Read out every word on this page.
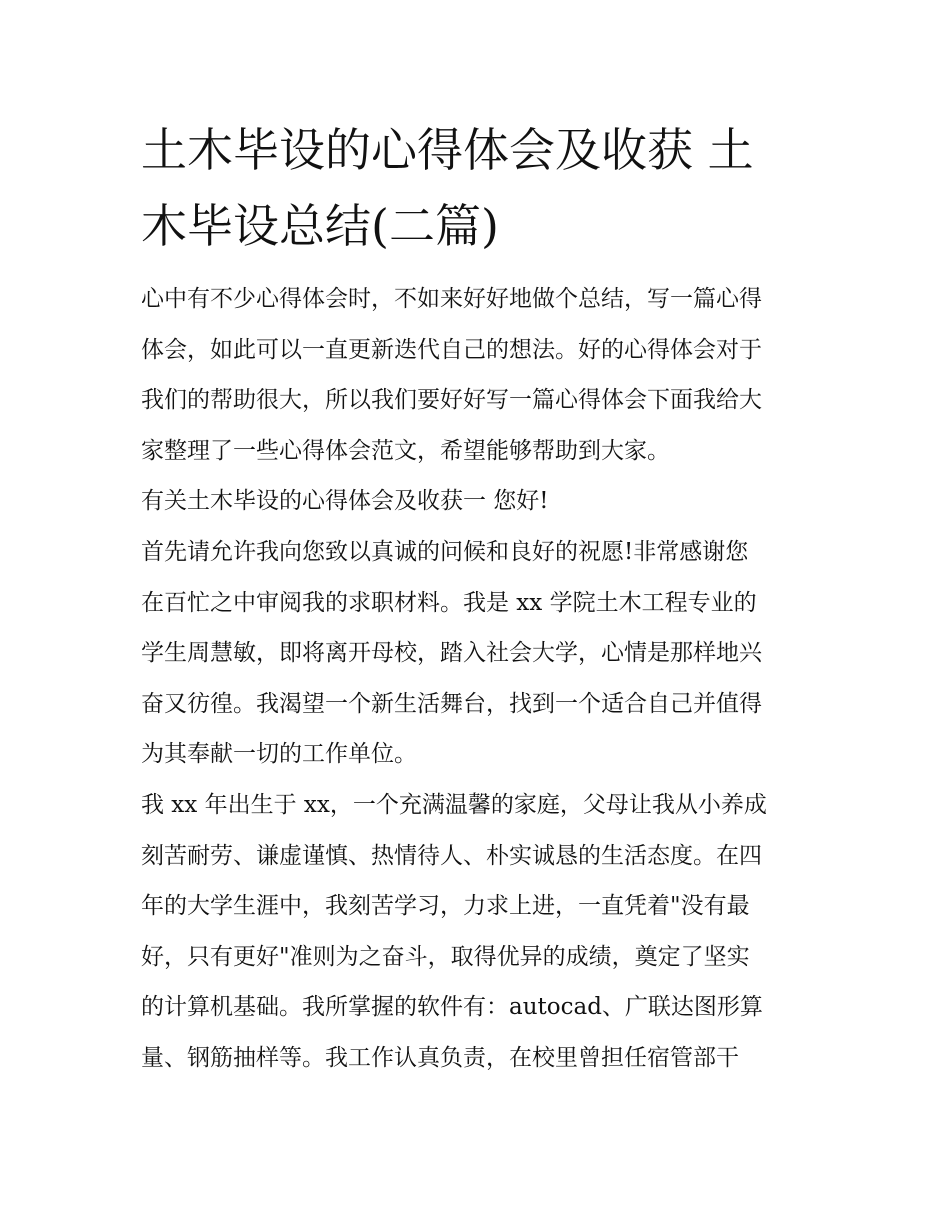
土木毕设的心得体会及收获 土
木毕设总结(二篇)
心中有不少心得体会时，不如来好好地做个总结，写一篇心得
体会，如此可以一直更新迭代自己的想法。好的心得体会对于
我们的帮助很大，所以我们要好好写一篇心得体会下面我给大
家整理了一些心得体会范文，希望能够帮助到大家。
有关土木毕设的心得体会及收获一 您好!
首先请允许我向您致以真诚的问候和良好的祝愿!非常感谢您
在百忙之中审阅我的求职材料。我是 xx 学院土木工程专业的
学生周慧敏，即将离开母校，踏入社会大学，心情是那样地兴
奋又彷徨。我渴望一个新生活舞台，找到一个适合自己并值得
为其奉献一切的工作单位。
我 xx 年出生于 xx，一个充满温馨的家庭，父母让我从小养成
刻苦耐劳、谦虚谨慎、热情待人、朴实诚恳的生活态度。在四
年的大学生涯中，我刻苦学习，力求上进，一直凭着"没有最
好，只有更好"准则为之奋斗，取得优异的成绩，奠定了坚实
的计算机基础。我所掌握的软件有：autocad、广联达图形算
量、钢筋抽样等。我工作认真负责，在校里曾担任宿管部干
